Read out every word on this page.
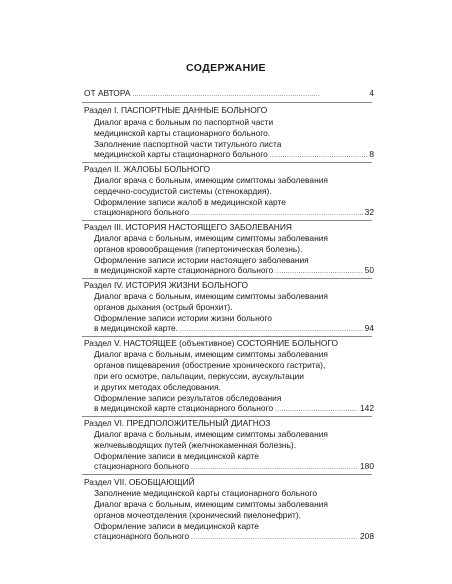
СОДЕРЖАНИЕ
ОТ АВТОРА . . .	4
Раздел I. ПАСПОРТНЫЕ ДАННЫЕ БОЛЬНОГО
Диалог врача с больным по паспортной части
медицинской карты стационарного больного.
Заполнение паспортной части титульного листа
медицинской карты стационарного больного . . .	8
Раздел II. ЖАЛОБЫ БОЛЬНОГО
Диалог врача с больным, имеющим симптомы заболевания
сердечно-сосудистой системы (стенокардия).
Оформление записи жалоб в медицинской карте
стационарного больного . . .	32
Раздел III. ИСТОРИЯ НАСТОЯЩЕГО ЗАБОЛЕВАНИЯ
Диалог врача с больным, имеющим симптомы заболевания
органов кровообращения (гипертоническая болезнь).
Оформление записи истории настоящего заболевания
в медицинской карте стационарного больного . . .	50
Раздел IV. ИСТОРИЯ ЖИЗНИ БОЛЬНОГО
Диалог врача с больным, имеющим симптомы заболевания
органов дыхания (острый бронхит).
Оформление записи истории жизни больного
в медицинской карте. . . .	94
Раздел V. НАСТОЯЩЕЕ (объективное) СОСТОЯНИЕ БОЛЬНОГО
Диалог врача с больным, имеющим симптомы заболевания
органов пищеварения (обострение хронического гастрита),
при его осмотре, пальпации, перкуссии, аускультации
и других методах обследования.
Оформление записи результатов обследования
в медицинской карте стационарного больного . . .	142
Раздел VI. ПРЕДПОЛОЖИТЕЛЬНЫЙ ДИАГНОЗ
Диалог врача с больным, имеющим симптомы заболевания
желчевыводящих путей (желчнокаменная болезнь).
Оформление записи в медицинской карте
стационарного больного . . .	180
Раздел VII. ОБОБЩАЮЩИЙ
Заполнение медицинской карты стационарного больного
Диалог врача с больным, имеющим симптомы заболевания
органов мочеотделения (хронический пиелонефрит).
Оформление записи в медицинской карте
стационарного больного . . .	208
